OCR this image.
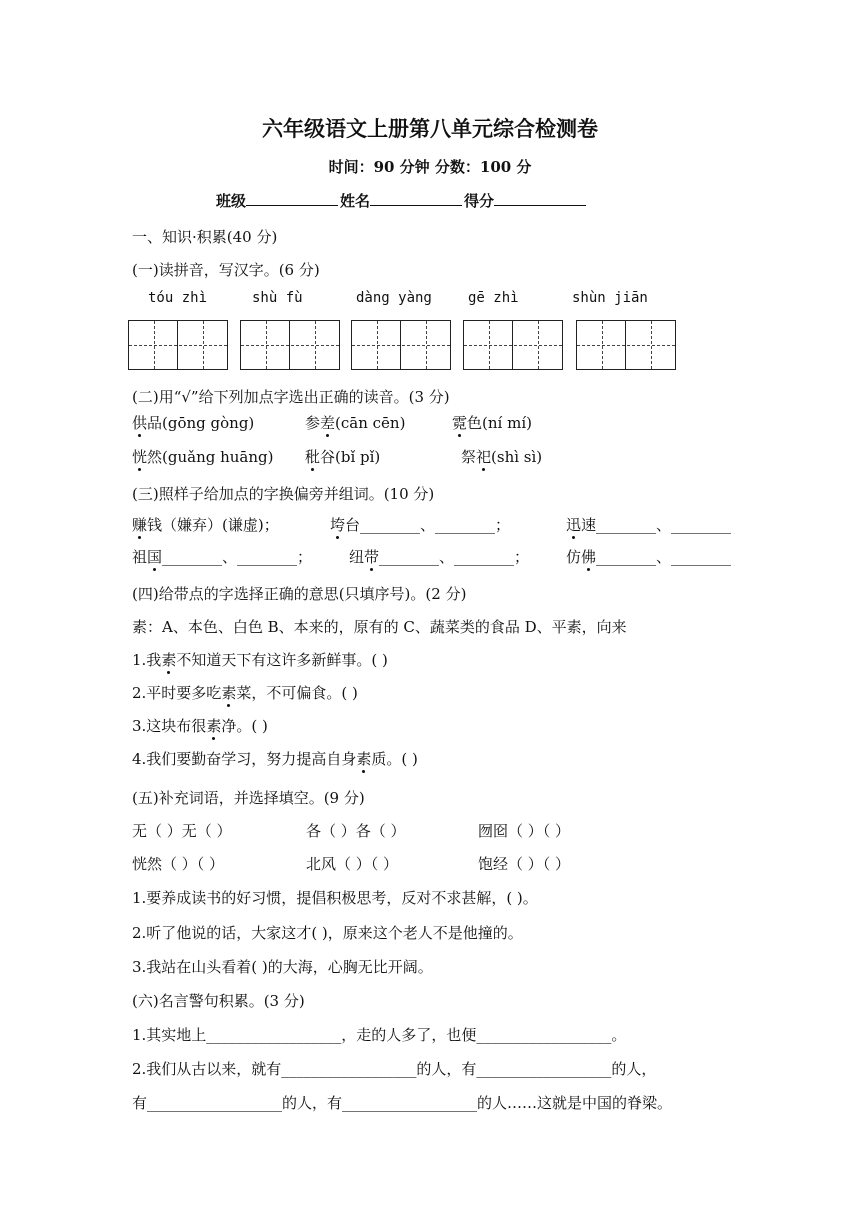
六年级语文上册第八单元综合检测卷
时间：90 分钟 分数：100 分
班级	姓名	得分
一、知识·积累(40 分)
(一)读拼音，写汉字。(6 分)
tóu zhì	shù fù	dàng yàng	gē zhì	shùn jiān
(二)用“√”给下列加点字选出正确的读音。(3 分)
供品(gōng gòng)	参差(cān cēn)	霓色(ní mí)
恍然(guǎng huāng) 秕谷(bǐ pǐ)	祭祀(shì sì)
(三)照样子给加点的字换偏旁并组词。(10 分)
赚钱（嫌弃）(谦虚)；	垮台________、________；	迅速________、________
祖国________、________； 纽带________、________； 仿佛________、________
(四)给带点的字选择正确的意思(只填序号)。(2 分)
素：A、本色、白色 B、本来的，原有的 C、蔬菜类的食品 D、平素，向来
1.我素不知道天下有这许多新鲜事。( )
2.平时要多吃素菜，不可偏食。( )
3.这块布很素净。( )
4.我们要勤奋学习，努力提高自身素质。( )
(五)补充词语，并选择填空。(9 分)
无（ ）无（ ）	各（ ）各（ ）	囫囵（ ）（ ）
恍然（ ）（ ）	北风（ ）（ ）	饱经（ ）（ ）
1.要养成读书的好习惯，提倡积极思考，反对不求甚解，( )。
2.听了他说的话，大家这才( )，原来这个老人不是他撞的。
3.我站在山头看着( )的大海，心胸无比开阔。
(六)名言警句积累。(3 分)
1.其实地上__________________，走的人多了，也便__________________。
2.我们从古以来，就有__________________的人，有__________________的人，
有__________________的人，有__________________的人……这就是中国的脊梁。
